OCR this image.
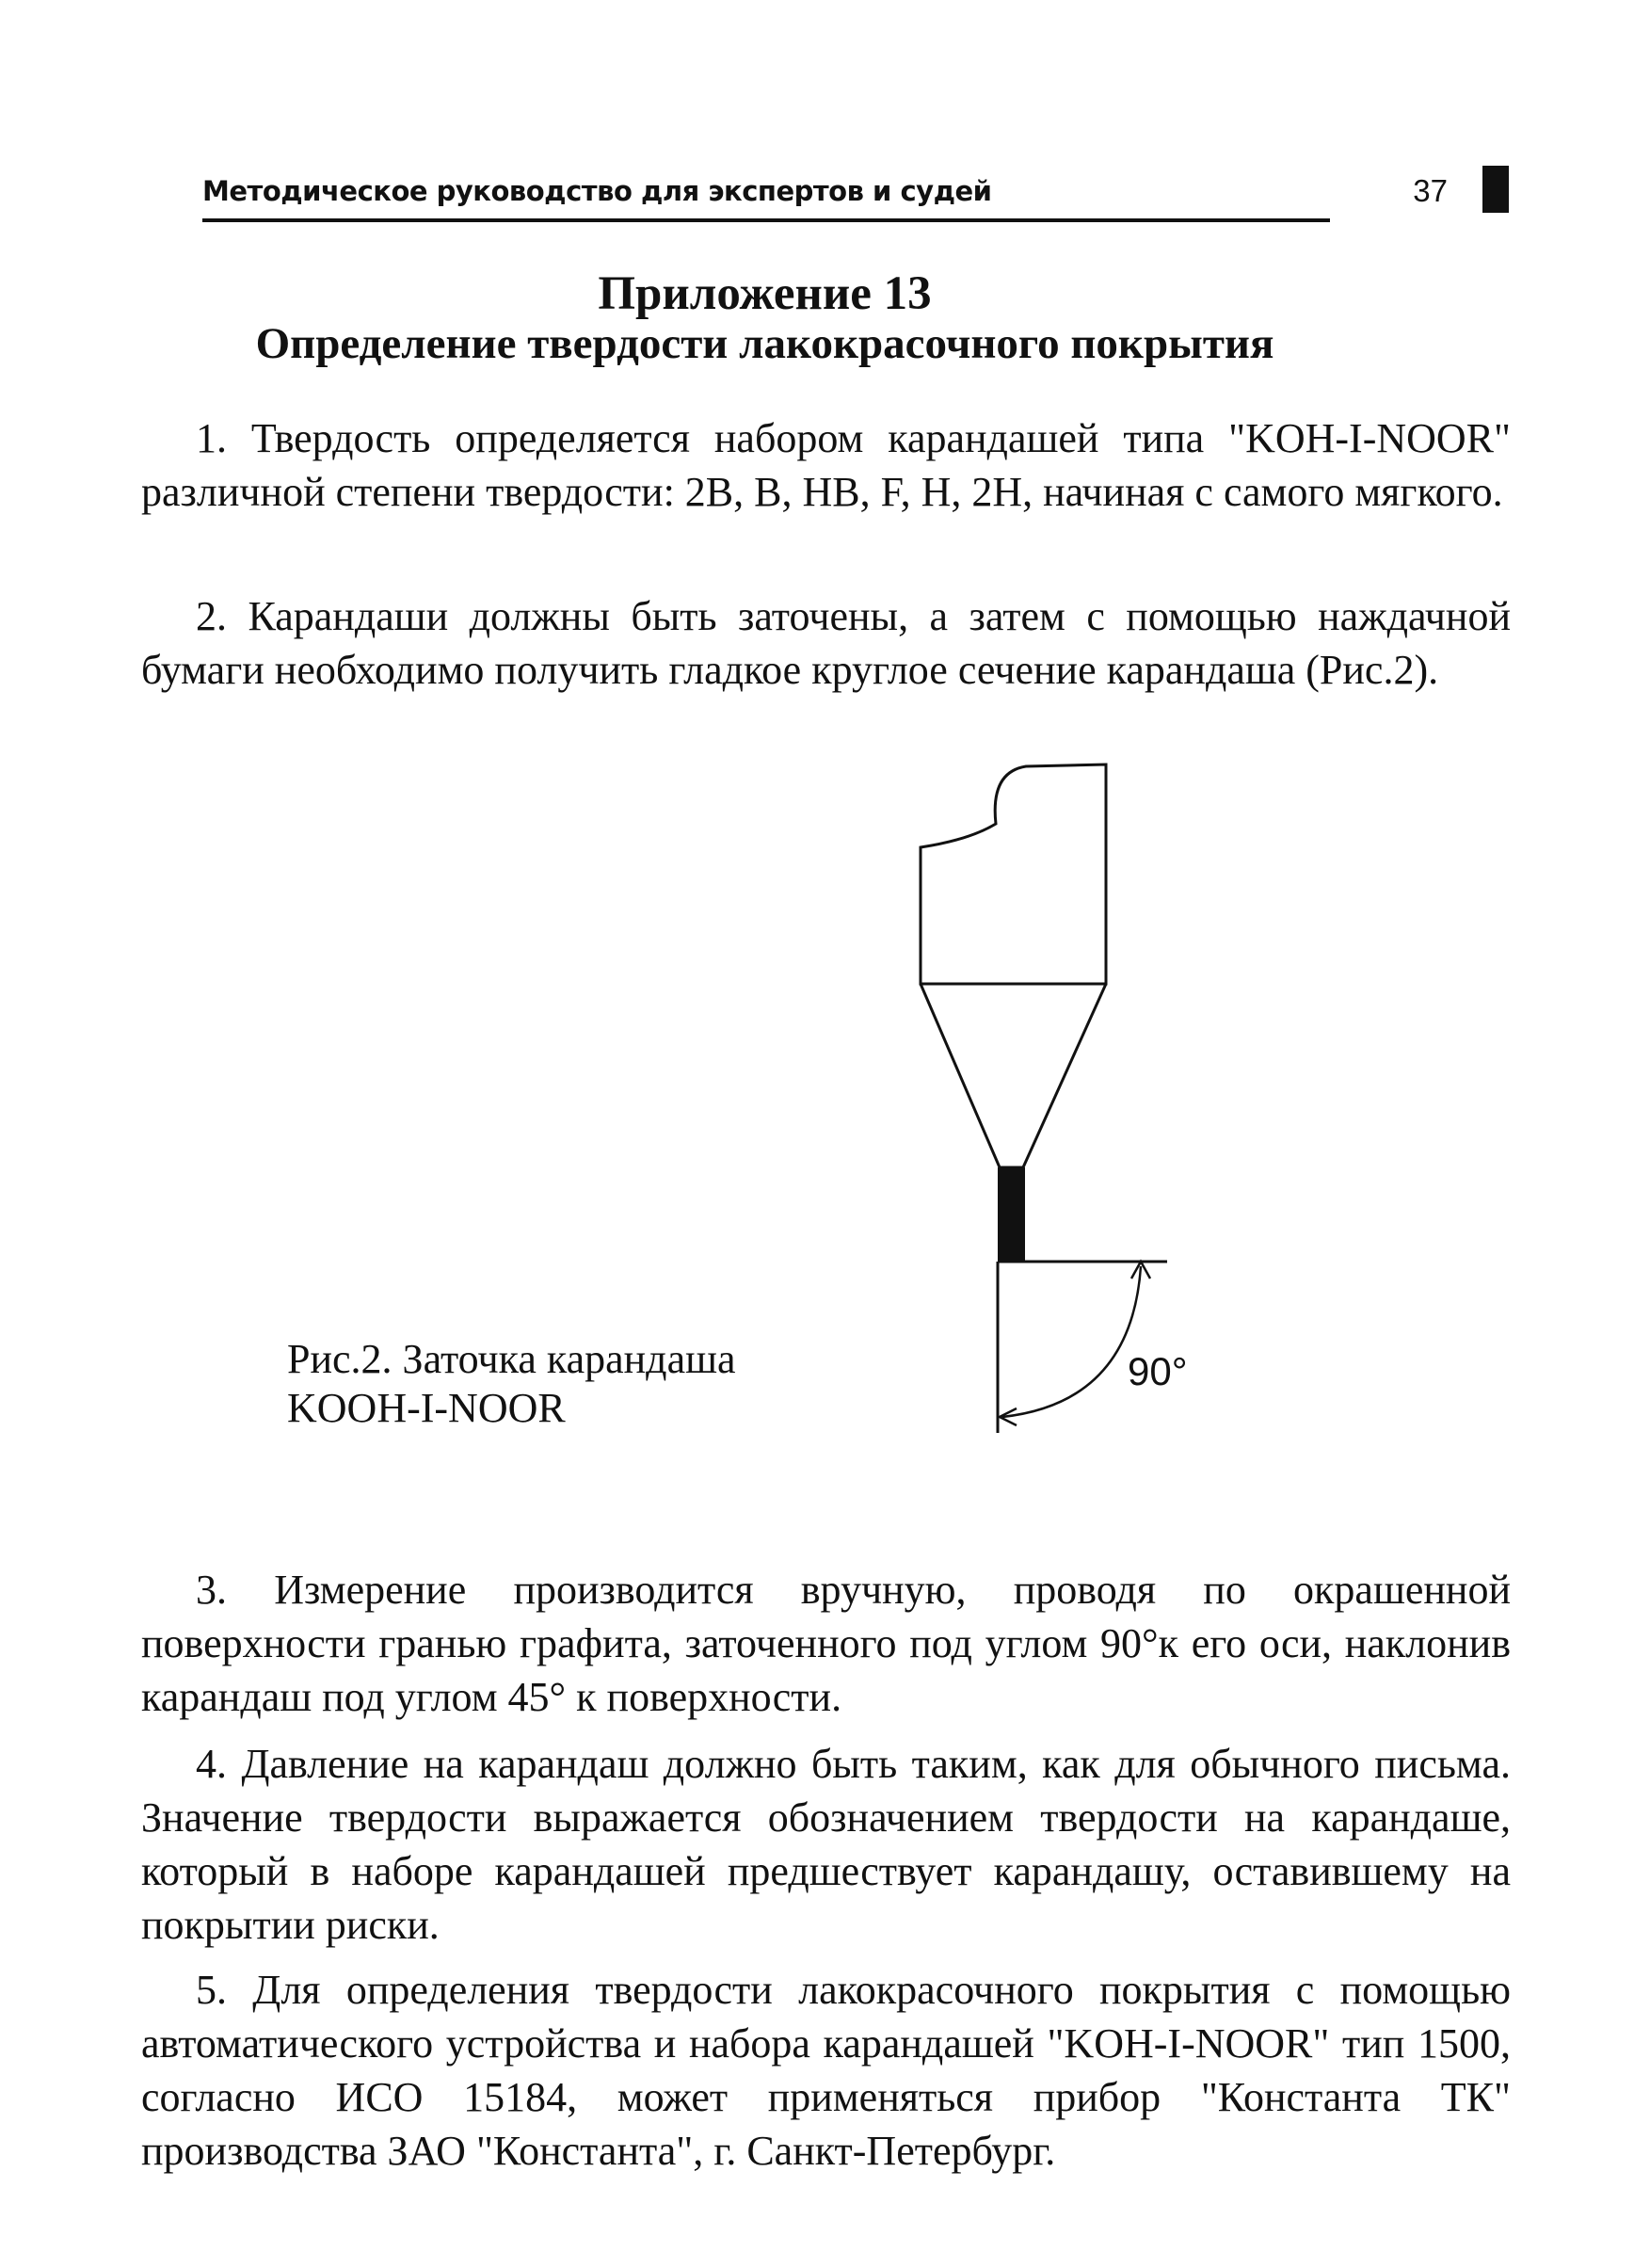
Методическое руководство для экспертов и судей	37
Приложение 13
Определение твердости лакокрасочного покрытия

1. Твердость определяется набором карандашей типа "KOH-I-NOOR" различной степени твердости: 2В, В, НВ, F, Н, 2Н, начиная с самого мягкого.

2. Карандаши должны быть заточены, а затем с помощью наждачной бумаги необходимо получить гладкое круглое сечение карандаша (Рис.2).

Рис.2. Заточка карандаша
KOOH-I-NOOR
90°

3. Измерение производится вручную, проводя по окрашенной поверхности гранью графита, заточенного под углом 90°к его оси, наклонив карандаш под углом 45° к поверхности.

4. Давление на карандаш должно быть таким, как для обычного письма. Значение твердости выражается обозначением твердости на карандаше, который в наборе карандашей предшествует карандашу, оставившему на покрытии риски.

5. Для определения твердости лакокрасочного покрытия с помощью автоматического устройства и набора карандашей "KOH-I-NOOR" тип 1500, согласно ИСО 15184, может применяться прибор "Константа ТК" производства ЗАО "Константа", г. Санкт-Петербург.
